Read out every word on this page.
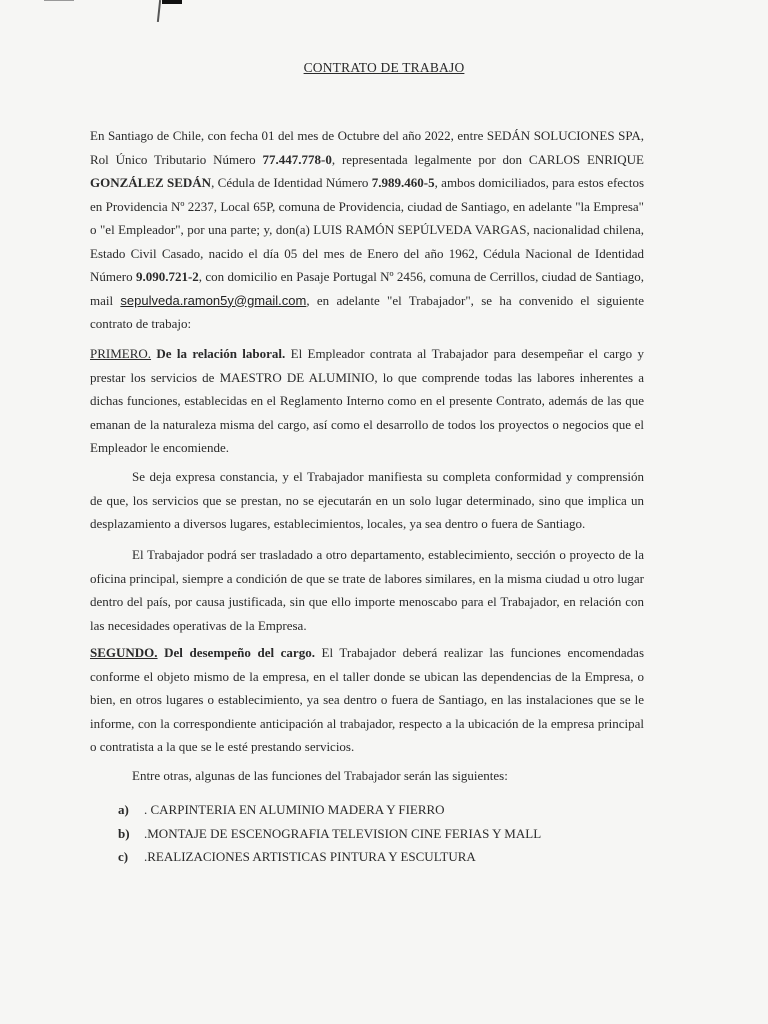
CONTRATO DE TRABAJO

En Santiago de Chile, con fecha 01 del mes de Octubre del año 2022, entre SEDÁN SOLUCIONES SPA, Rol Único Tributario Número 77.447.778-0, representada legalmente por don CARLOS ENRIQUE GONZÁLEZ SEDÁN, Cédula de Identidad Número 7.989.460-5, ambos domiciliados, para estos efectos en Providencia Nº 2237, Local 65P, comuna de Providencia, ciudad de Santiago, en adelante "la Empresa" o "el Empleador", por una parte; y, don(a) LUIS RAMÓN SEPÚLVEDA VARGAS, nacionalidad chilena, Estado Civil Casado, nacido el día 05 del mes de Enero del año 1962, Cédula Nacional de Identidad Número 9.090.721-2, con domicilio en Pasaje Portugal Nº 2456, comuna de Cerrillos, ciudad de Santiago, mail sepulveda.ramon5y@gmail.com, en adelante "el Trabajador", se ha convenido el siguiente contrato de trabajo:

PRIMERO. De la relación laboral. El Empleador contrata al Trabajador para desempeñar el cargo y prestar los servicios de MAESTRO DE ALUMINIO, lo que comprende todas las labores inherentes a dichas funciones, establecidas en el Reglamento Interno como en el presente Contrato, además de las que emanan de la naturaleza misma del cargo, así como el desarrollo de todos los proyectos o negocios que el Empleador le encomiende.

Se deja expresa constancia, y el Trabajador manifiesta su completa conformidad y comprensión de que, los servicios que se prestan, no se ejecutarán en un solo lugar determinado, sino que implica un desplazamiento a diversos lugares, establecimientos, locales, ya sea dentro o fuera de Santiago.

El Trabajador podrá ser trasladado a otro departamento, establecimiento, sección o proyecto de la oficina principal, siempre a condición de que se trate de labores similares, en la misma ciudad u otro lugar dentro del país, por causa justificada, sin que ello importe menoscabo para el Trabajador, en relación con las necesidades operativas de la Empresa.

SEGUNDO. Del desempeño del cargo. El Trabajador deberá realizar las funciones encomendadas conforme el objeto mismo de la empresa, en el taller donde se ubican las dependencias de la Empresa, o bien, en otros lugares o establecimiento, ya sea dentro o fuera de Santiago, en las instalaciones que se le informe, con la correspondiente anticipación al trabajador, respecto a la ubicación de la empresa principal o contratista a la que se le esté prestando servicios.

Entre otras, algunas de las funciones del Trabajador serán las siguientes:

a)	. CARPINTERIA EN ALUMINIO MADERA Y FIERRO
b)	.MONTAJE DE ESCENOGRAFIA TELEVISION CINE FERIAS Y MALL
c)	.REALIZACIONES ARTISTICAS PINTURA Y ESCULTURA
